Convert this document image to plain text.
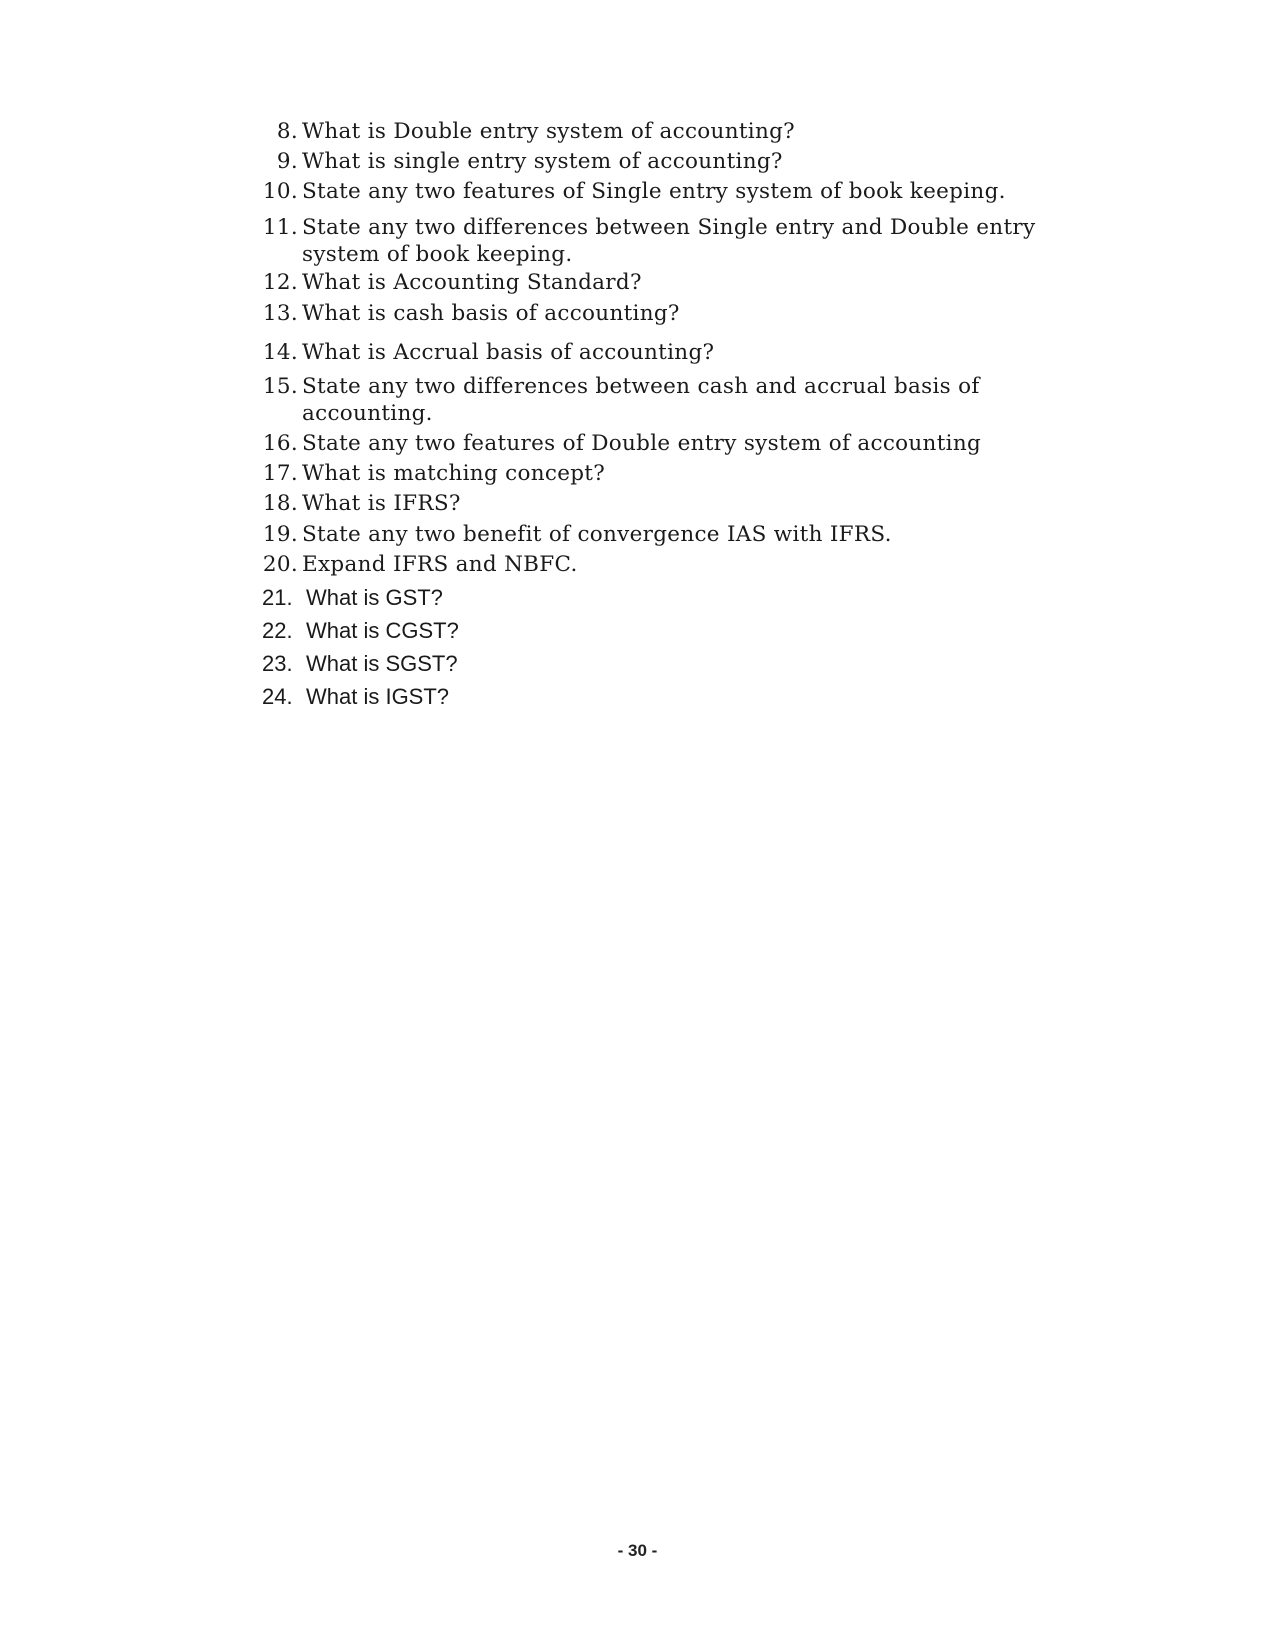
8. What is Double entry system of accounting?
9. What is single entry system of accounting?
10. State any two features of Single entry system of book keeping.
11. State any two differences between Single entry and Double entry system of book keeping.
12. What is Accounting Standard?
13. What is cash basis of accounting?
14. What is Accrual basis of accounting?
15. State any two differences between cash and accrual basis of accounting.
16. State any two features of Double entry system of accounting
17. What is matching concept?
18. What is IFRS?
19. State any two benefit of convergence IAS with IFRS.
20. Expand IFRS and NBFC.
21. What is GST?
22. What is CGST?
23. What is SGST?
24. What is IGST?
- 30 -
